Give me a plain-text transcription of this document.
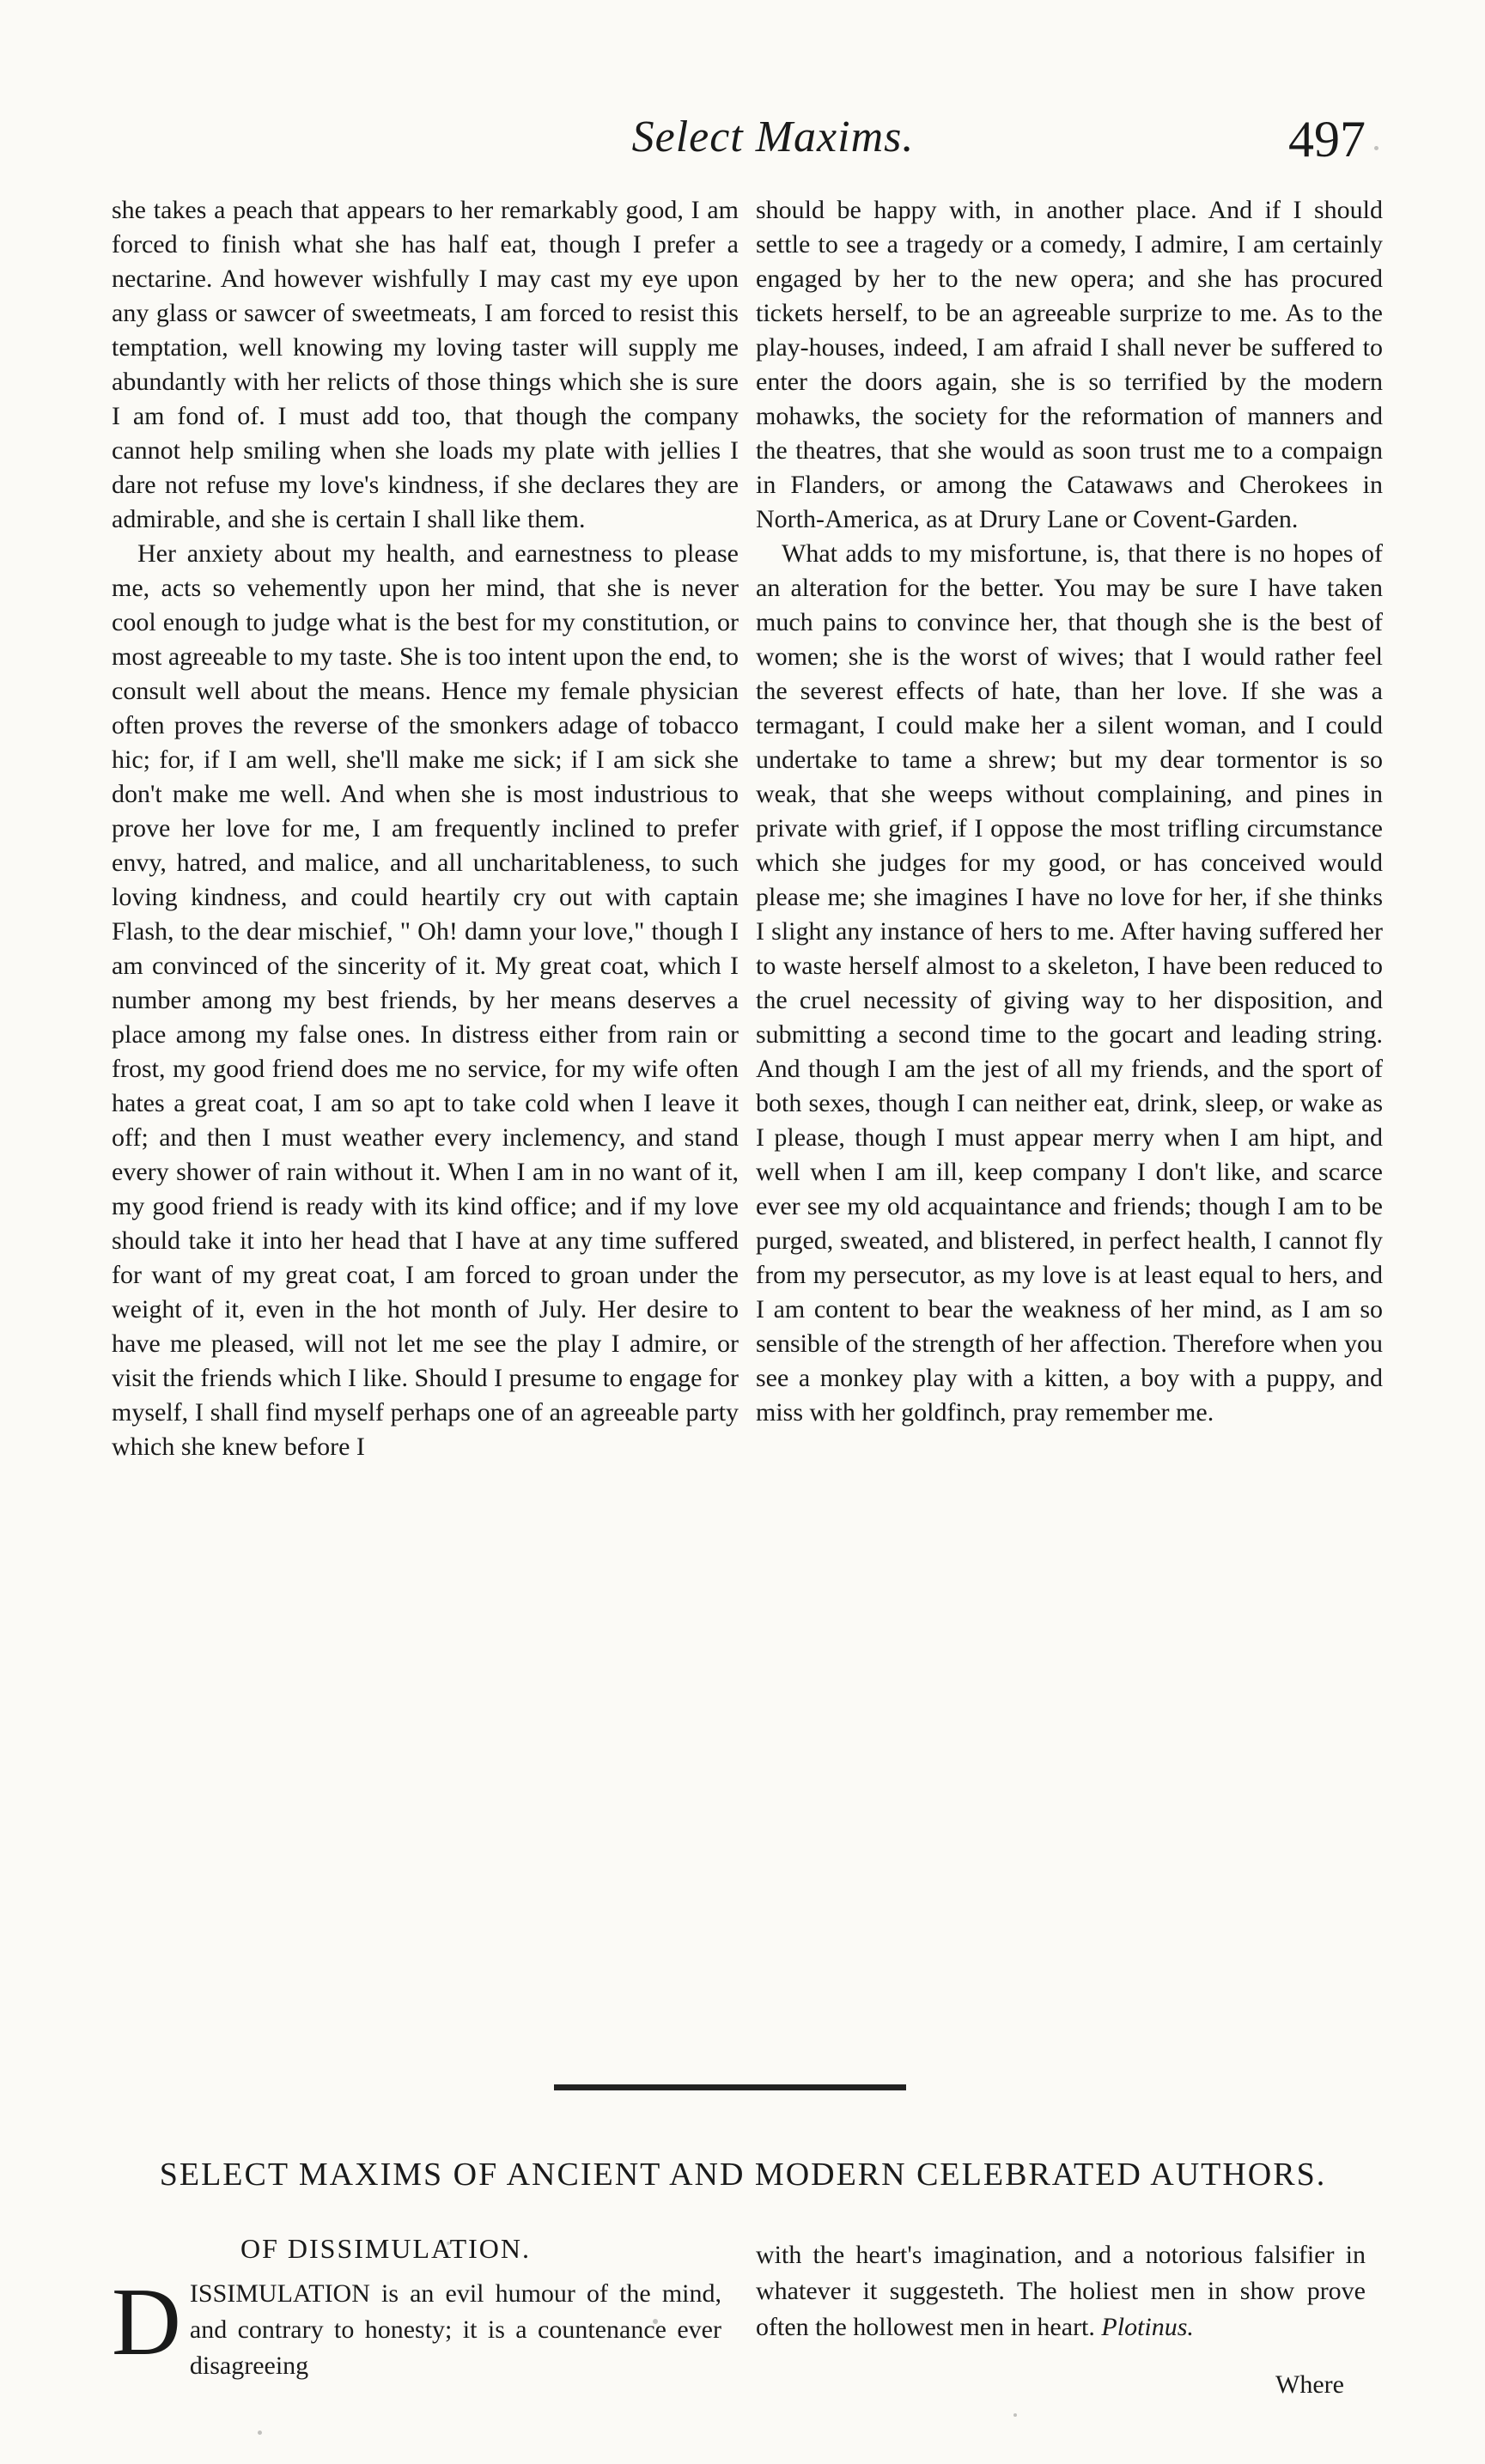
Select Maxims.	497

she takes a peach that appears to her remarkably good, I am forced to finish what she has half eat, though I prefer a nectarine. And however wishfully I may cast my eye upon any glass or sawcer of sweetmeats, I am forced to resist this temptation, well knowing my loving taster will supply me abundantly with her relicts of those things which she is sure I am fond of. I must add too, that though the company cannot help smiling when she loads my plate with jellies I dare not refuse my love's kindness, if she declares they are admirable, and she is certain I shall like them.

Her anxiety about my health, and earnestness to please me, acts so vehemently upon her mind, that she is never cool enough to judge what is the best for my constitution, or most agreeable to my taste. She is too intent upon the end, to consult well about the means. Hence my female physician often proves the reverse of the smonkers adage of tobacco hic; for, if I am well, she'll make me sick; if I am sick she don't make me well. And when she is most industrious to prove her love for me, I am frequently inclined to prefer envy, hatred, and malice, and all uncharitableness, to such loving kindness, and could heartily cry out with captain Flash, to the dear mischief, " Oh! damn your love," though I am convinced of the sincerity of it. My great coat, which I number among my best friends, by her means deserves a place among my false ones. In distress either from rain or frost, my good friend does me no service, for my wife often hates a great coat, I am so apt to take cold when I leave it off; and then I must weather every inclemency, and stand every shower of rain without it. When I am in no want of it, my good friend is ready with its kind office; and if my love should take it into her head that I have at any time suffered for want of my great coat, I am forced to groan under the weight of it, even in the hot month of July. Her desire to have me pleased, will not let me see the play I admire, or visit the friends which I like. Should I presume to engage for myself, I shall find myself perhaps one of an agreeable party which she knew before I

should be happy with, in another place. And if I should settle to see a tragedy or a comedy, I admire, I am certainly engaged by her to the new opera; and she has procured tickets herself, to be an agreeable surprize to me. As to the play-houses, indeed, I am afraid I shall never be suffered to enter the doors again, she is so terrified by the modern mohawks, the society for the reformation of manners and the theatres, that she would as soon trust me to a compaign in Flanders, or among the Catawaws and Cherokees in North-America, as at Drury Lane or Covent-Garden.

What adds to my misfortune, is, that there is no hopes of an alteration for the better. You may be sure I have taken much pains to convince her, that though she is the best of women; she is the worst of wives; that I would rather feel the severest effects of hate, than her love. If she was a termagant, I could make her a silent woman, and I could undertake to tame a shrew; but my dear tormentor is so weak, that she weeps without complaining, and pines in private with grief, if I oppose the most trifling circumstance which she judges for my good, or has conceived would please me; she imagines I have no love for her, if she thinks I slight any instance of hers to me. After having suffered her to waste herself almost to a skeleton, I have been reduced to the cruel necessity of giving way to her disposition, and submitting a second time to the gocart and leading string. And though I am the jest of all my friends, and the sport of both sexes, though I can neither eat, drink, sleep, or wake as I please, though I must appear merry when I am hipt, and well when I am ill, keep company I don't like, and scarce ever see my old acquaintance and friends; though I am to be purged, sweated, and blistered, in perfect health, I cannot fly from my persecutor, as my love is at least equal to hers, and I am content to bear the weakness of her mind, as I am so sensible of the strength of her affection. Therefore when you see a monkey play with a kitten, a boy with a puppy, and miss with her goldfinch, pray remember me.

SELECT MAXIMS OF ANCIENT AND MODERN CELEBRATED AUTHORS.
OF DISSIMULATION.
D ISSIMULATION is an evil humour of the mind, and contrary to honesty; it is a countenance ever disagreeing
with the heart's imagination, and a notorious falsifier in whatever it suggesteth. The holiest men in show prove often the hollowest men in heart. Plotinus.
Where
